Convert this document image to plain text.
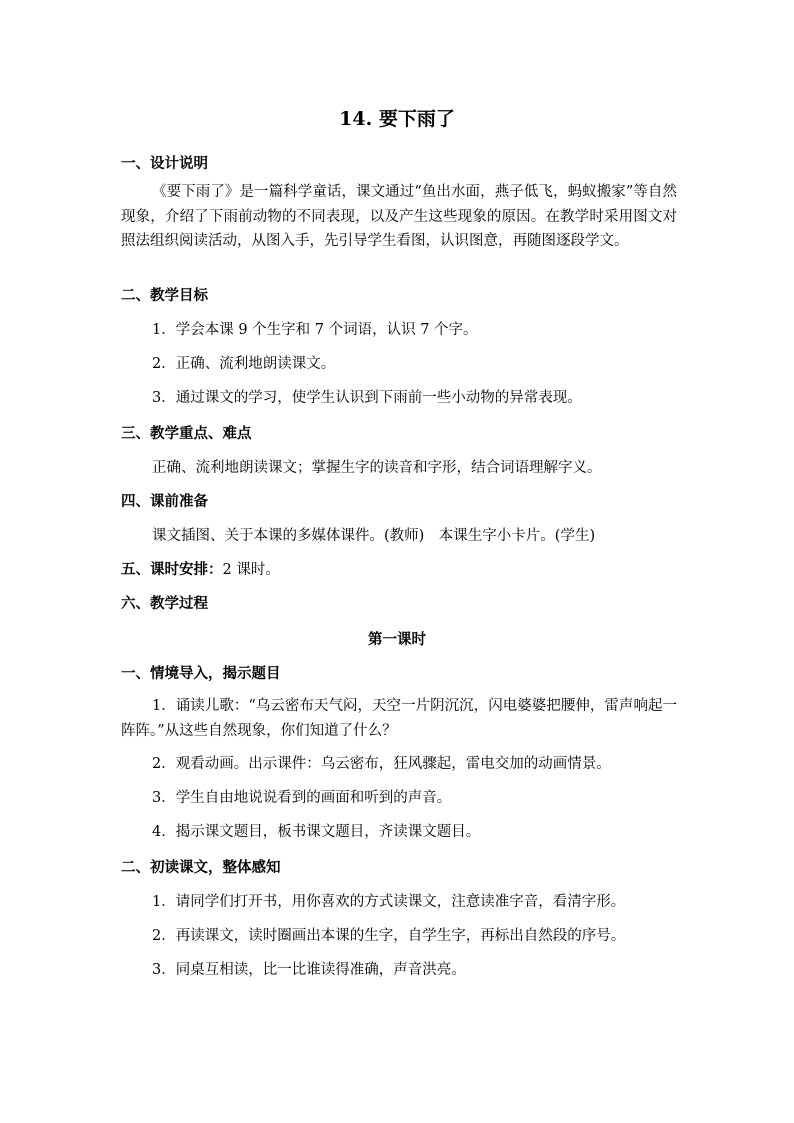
14. 要下雨了
一、设计说明
《要下雨了》是一篇科学童话，课文通过“鱼出水面，燕子低飞，蚂蚁搬家”等自然现象，介绍了下雨前动物的不同表现，以及产生这些现象的原因。在教学时采用图文对照法组织阅读活动，从图入手，先引导学生看图，认识图意，再随图逐段学文。
二、教学目标
1．学会本课 9 个生字和 7 个词语，认识 7 个字。
2．正确、流利地朗读课文。
3．通过课文的学习，使学生认识到下雨前一些小动物的异常表现。
三、教学重点、难点
正确、流利地朗读课文；掌握生字的读音和字形，结合词语理解字义。
四、课前准备
课文插图、关于本课的多媒体课件。(教师)　本课生字小卡片。(学生)
五、课时安排：2 课时。
六、教学过程
第一课时
一、情境导入，揭示题目
1．诵读儿歌：“乌云密布天气闷，天空一片阴沉沉，闪电婆婆把腰伸，雷声响起一阵阵。”从这些自然现象，你们知道了什么？
2．观看动画。出示课件：乌云密布，狂风骤起，雷电交加的动画情景。
3．学生自由地说说看到的画面和听到的声音。
4．揭示课文题目，板书课文题目，齐读课文题目。
二、初读课文，整体感知
1．请同学们打开书，用你喜欢的方式读课文，注意读准字音，看清字形。
2．再读课文，读时圈画出本课的生字，自学生字，再标出自然段的序号。
3．同桌互相读，比一比谁读得准确，声音洪亮。
